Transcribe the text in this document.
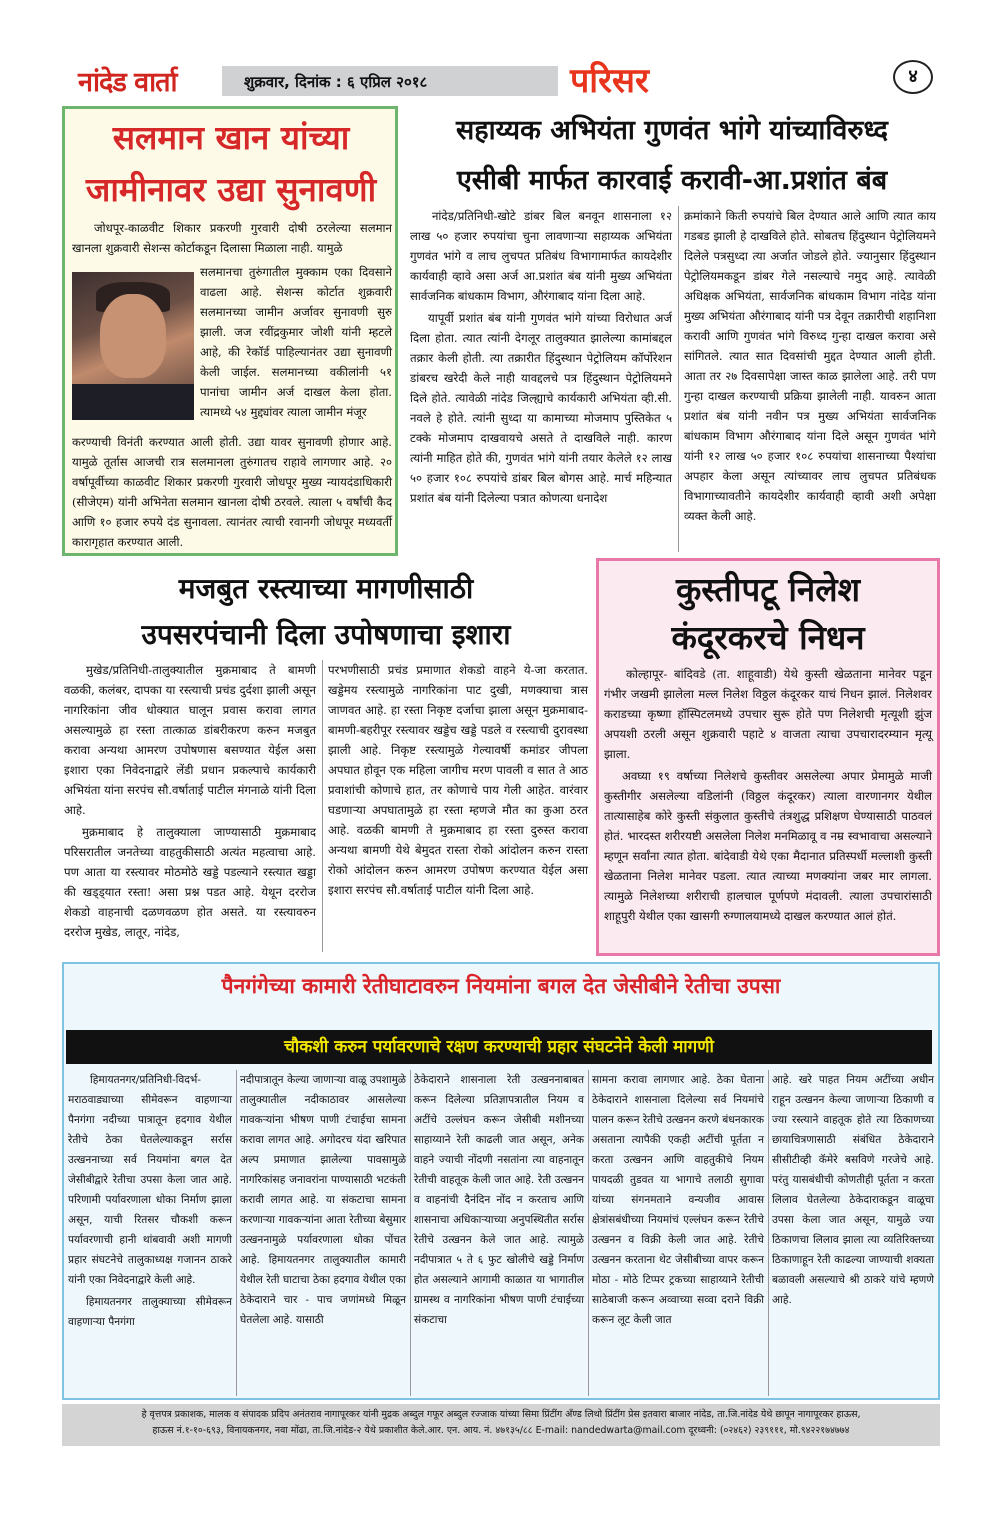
नांदेड वार्ता	शुक्रवार, दिनांक : ६ एप्रिल २०१८	परिसर	४
सलमान खान यांच्या
जामीनावर उद्या सुनावणी

जोधपूर-काळवीट शिकार प्रकरणी गुरवारी दोषी ठरलेल्या सलमान खानला शुक्रवारी सेशन्स कोर्टाकडून दिलासा मिळाला नाही. यामुळे

सलमानचा तुरुंगातील मुक्काम एका दिवसाने वाढला आहे. सेशन्स कोर्टात शुक्रवारी सलमानच्या जामीन अर्जावर सुनावणी सुरु झाली. जज रवींद्रकुमार जोशी यांनी म्हटले आहे, की रेकॉर्ड पाहिल्यानंतर उद्या सुनावणी केली जाईल. सलमानच्या वकीलांनी ५१ पानांचा जामीन अर्ज दाखल केला होता. त्यामध्ये ५४ मुद्द्यांवर त्याला जामीन मंजूर

करण्याची विनंती करण्यात आली होती. उद्या यावर सुनावणी होणार आहे. यामुळे तूर्तास आजची रात्र सलमानला तुरुंगातच राहावे लागणार आहे. २० वर्षापूर्वीच्या काळवीट शिकार प्रकरणी गुरवारी जोधपूर मुख्य न्यायदंडाधिकारी (सीजेएम) यांनी अभिनेता सलमान खानला दोषी ठरवले. त्याला ५ वर्षांची कैद आणि १० हजार रुपये दंड सुनावला. त्यानंतर त्याची रवानगी जोधपूर मध्यवर्ती कारागृहात करण्यात आली.

सहाय्यक अभियंता गुणवंत भांगे यांच्याविरुध्द
एसीबी मार्फत कारवाई करावी-आ.प्रशांत बंब

नांदेड/प्रतिनिधी-खोटे डांबर बिल बनवून शासनाला १२ लाख ५० हजार रुपयांचा चुना लावणाऱ्या सहाय्यक अभियंता गुणवंत भांगे व लाच लुचपत प्रतिबंध विभागामार्फत कायदेशीर कार्यवाही व्हावे असा अर्ज आ.प्रशांत बंब यांनी मुख्य अभियंता सार्वजनिक बांधकाम विभाग, औरंगाबाद यांना दिला आहे.

यापूर्वी प्रशांत बंब यांनी गुणवंत भांगे यांच्या विरोधात अर्ज दिला होता. त्यात त्यांनी देगलूर तालुक्यात झालेल्या कामांबद्दल तक्रार केली होती. त्या तक्रारीत हिंदुस्थान पेट्रोलियम कॉर्पोरेशन डांबरच खरेदी केले नाही यावद्दलचे पत्र हिंदुस्थान पेट्रोलियमने दिले होते. त्यावेळी नांदेड जिल्ह्याचे कार्यकारी अभियंता व्ही.सी. नवले हे होते. त्यांनी सुध्दा या कामाच्या मोजमाप पुस्तिकेत ५ टक्के मोजमाप दाखवायचे असते ते दाखविले नाही. कारण त्यांनी माहित होते की, गुणवंत भांगे यांनी तयार केलेले १२ लाख ५० हजार १०८ रुपयांचे डांबर बिल बोगस आहे. मार्च महिन्यात प्रशांत बंब यांनी दिलेल्या पत्रात कोणत्या धनादेश

क्रमांकाने किती रुपयांचे बिल देण्यात आले आणि त्यात काय गडबड झाली हे दाखविले होते. सोबतच हिंदुस्थान पेट्रोलियमने दिलेले पत्रसुध्दा त्या अर्जात जोडले होते. ज्यानुसार हिंदुस्थान पेट्रोलियमकडून डांबर गेले नसल्याचे नमुद आहे. त्यावेळी अधिक्षक अभियंता, सार्वजनिक बांधकाम विभाग नांदेड यांना मुख्य अभियंता औरंगाबाद यांनी पत्र देवून तक्रारीची शहानिशा करावी आणि गुणवंत भांगे विरुध्द गुन्हा दाखल करावा असे सांगितले. त्यात सात दिवसांची मुद्दत देण्यात आली होती. आता तर २७ दिवसापेक्षा जास्त काळ झालेला आहे. तरी पण गुन्हा दाखल करण्याची प्रक्रिया झालेली नाही. यावरुन आता प्रशांत बंब यांनी नवीन पत्र मुख्य अभियंता सार्वजनिक बांधकाम विभाग औरंगाबाद यांना दिले असून गुणवंत भांगे यांनी १२ लाख ५० हजार १०८ रुपयांचा शासनाच्या पैश्यांचा अपहार केला असून त्यांच्यावर लाच लुचपत प्रतिबंधक विभागाच्यावतीने कायदेशीर कार्यवाही व्हावी अशी अपेक्षा व्यक्त केली आहे.

मजबुत रस्त्याच्या मागणीसाठी
उपसरपंचानी दिला उपोषणाचा इशारा

मुखेड/प्रतिनिधी-तालुक्यातील मुक्रमाबाद ते बामणी वळकी, कलंबर, दापका या रस्त्याची प्रचंड दुर्दशा झाली असून नागरिकांना जीव धोक्यात घालून प्रवास करावा लागत असल्यामुळे हा रस्ता तात्काळ डांबरीकरण करुन मजबुत करावा अन्यथा आमरण उपोषणास बसण्यात येईल असा इशारा एका निवेदनाद्वारे लेंडी प्रधान प्रकल्पाचे कार्यकारी अभियंता यांना सरपंच सौ.वर्षाताई पाटील मंगनाळे यांनी दिला आहे.

मुक्रमाबाद हे तालुक्याला जाण्यासाठी मुक्रमाबाद परिसरातील जनतेच्या वाहतुकीसाठी अत्यंत महत्वाचा आहे. पण आता या रस्त्यावर मोठमोठे खड्डे पडल्याने रस्त्यात खड्डा की खड्ड्यात रस्ता! असा प्रश्न पडत आहे. येथून दररोज शेकडो वाहनाची दळणवळण होत असते. या रस्त्यावरुन दररोज मुखेड, लातूर, नांदेड,

परभणीसाठी प्रचंड प्रमाणात शेकडो वाहने ये-जा करतात. खड्डेमय रस्त्यामुळे नागरिकांना पाट दुखी, मणक्याचा त्रास जाणवत आहे. हा रस्ता निकृष्ट दर्जाचा झाला असून मुक्रमाबाद-बामणी-बहरीपूर रस्त्यावर खड्डेच खड्डे पडले व रस्त्याची दुरावस्था झाली आहे. निकृष्ट रस्त्यामुळे गेल्यावर्षी कमांडर जीपला अपघात होवून एक महिला जागीच मरण पावली व सात ते आठ प्रवाशांची कोणाचे हात, तर कोणाचे पाय गेली आहेत. वारंवार घडणाऱ्या अपघातामुळे हा रस्ता म्हणजे मौत का कुआ ठरत आहे. वळकी बामणी ते मुक्रमाबाद हा रस्ता दुरुस्त करावा अन्यथा बामणी येथे बेमुदत रास्ता रोको आंदोलन करुन रास्ता रोको आंदोलन करुन आमरण उपोषण करण्यात येईल असा इशारा सरपंच सौ.वर्षाताई पाटील यांनी दिला आहे.

कुस्तीपटू निलेश
कंदूरकरचे निधन

कोल्हापूर- बांदिवडे (ता. शाहूवाडी) येथे कुस्ती खेळताना मानेवर पडून गंभीर जखमी झालेला मल्ल निलेश विठ्ठल कंदूरकर याचं निधन झालं. निलेशवर कराडच्या कृष्णा हॉस्पिटलमध्ये उपचार सुरू होते पण निलेशची मृत्यूशी झुंज अपयशी ठरली असून शुक्रवारी पहाटे ४ वाजता त्याचा उपचारादरम्यान मृत्यू झाला.

अवघ्या १९ वर्षाच्या निलेशचे कुस्तीवर असलेल्या अपार प्रेमामुळे माजी कुस्तीगीर असलेल्या वडिलांनी (विठ्ठल कंदूरकर) त्याला वारणानगर येथील तात्यासाहेब कोरे कुस्ती संकुलात कुस्तीचे तंत्रशुद्ध प्रशिक्षण घेण्यासाठी पाठवलं होतं. भारदस्त शरीरयष्टी असलेला निलेश मनमिळावू व नम्र स्वभावाचा असल्याने म्हणून सर्वांना त्यात होता. बांदेवाडी येथे एका मैदानात प्रतिस्पर्धी मल्लाशी कुस्ती खेळताना निलेश मानेवर पडला. त्यात त्याच्या मणक्यांना जबर मार लागला. त्यामुळे निलेशच्या शरीराची हालचाल पूर्णपणे मंदावली. त्याला उपचारांसाठी शाहूपुरी येथील एका खासगी रुग्णालयामध्ये दाखल करण्यात आलं होतं.

पैनगंगेच्या कामारी रेतीघाटावरुन नियमांना बगल देत जेसीबीने रेतीचा उपसा
चौकशी करुन पर्यावरणाचे रक्षण करण्याची प्रहार संघटनेने केली मागणी

हिमायतनगर/प्रतिनिधी-विदर्भ-मराठवाड्याच्या सीमेवरून वाहणाऱ्या पैनगंगा नदीच्या पात्रातून हदगाव येथील रेतीचे ठेका घेतलेल्याकडून सर्रास उत्खननाच्या सर्व नियमांना बगल देत जेसीबीद्वारे रेतीचा उपसा केला जात आहे. परिणामी पर्यावरणाला धोका निर्माण झाला असून, याची रितसर चौकशी करून पर्यावरणाची हानी थांबवावी अशी मागणी प्रहार संघटनेचे तालुकाध्यक्ष गजानन ठाकरे यांनी एका निवेदनाद्वारे केली आहे.

हिमायतनगर तालुक्याच्या सीमेवरून वाहणाऱ्या पैनगंगा

नदीपात्रातून केल्या जाणाऱ्या वाळू उपशामुळे तालुक्यातील नदीकाठावर आसलेल्या गावकऱ्यांना भीषण पाणी टंचाईचा सामना करावा लागत आहे. अगोदरच यंदा खरिपात अल्प प्रमाणात झालेल्या पावसामुळे नागरिकांसह जनावरांना पाण्यासाठी भटकंती करावी लागत आहे. या संकटाचा सामना करणाऱ्या गावकऱ्यांना आता रेतीच्या बेसुमार उत्खननामुळे पर्यावरणाला धोका पोंचत आहे. हिमायतनगर तालुक्यातील कामारी येथील रेती घाटाचा ठेका हदगाव येथील एका ठेकेदाराने चार - पाच जणांमध्ये मिळून घेतलेला आहे. यासाठी

ठेकेदाराने शासनाला रेती उत्खननाबाबत करून दिलेल्या प्रतिज्ञापत्रातील नियम व अटींचे उल्लंघन करून जेसीबी मशीनच्या साहाय्याने रेती काढली जात असून, अनेक वाहने ज्याची नोंदणी नसतांना त्या वाहनातून रेतीची वाहतूक केली जात आहे. रेती उत्खनन व वाहनांची दैनंदिन नोंद न करताच आणि शासनाचा अधिकाऱ्याच्या अनुपस्थितीत सर्रास रेतीचे उत्खनन केले जात आहे. त्यामुळे नदीपात्रात ५ ते ६ फुट खोलीचे खड्डे निर्माण होत असल्याने आगामी काळात या भागातील ग्रामस्थ व नागरिकांना भीषण पाणी टंचाईच्या संकटाचा

सामना करावा लागणार आहे. ठेका घेताना ठेकेदाराने शासनाला दिलेल्या सर्व नियमांचे पालन करून रेतीचे उत्खनन करणे बंधनकारक असताना त्यापैकी एकही अटींची पूर्तता न करता उत्खनन आणि वाहतुकीचे नियम पायदळी तुडवत या भागाचे तलाठी सुगावा यांच्या संगनमताने वन्यजीव आवास क्षेत्रांसबंधीच्या नियमांचं एल्लंघन करून रेतीचे उत्खनन व विक्री केली जात आहे. रेतीचे उत्खनन करताना थेट जेसीबीच्या वापर करून मोठा - मोठे टिप्पर ट्रकच्या साहाय्याने रेतीची साठेबाजी करून अव्वाच्या सव्वा दराने विक्री करून लूट केली जात

आहे. खरे पाहत नियम अटींच्या अधीन राहून उत्खनन केल्या जाणाऱ्या ठिकाणी व ज्या रस्त्याने वाहतूक होते त्या ठिकाणच्या छायाचित्रणासाठी संबंधित ठेकेदाराने सीसीटीव्ही कॅमेरे बसविणे गरजेचे आहे. परंतु यासबंधीची कोणतीही पूर्तता न करता लिलाव घेतलेल्या ठेकेदाराकडून वाळूचा उपसा केला जात असून, यामुळे ज्या ठिकाणचा लिलाव झाला त्या व्यतिरिक्तच्या ठिकाणाहून रेती काढल्या जाण्याची शक्यता बळावली असल्याचे श्री ठाकरे यांचे म्हणणे आहे.

हे वृत्तपत्र प्रकाशक, मालक व संपादक प्रदिप अनंतराव नागापूरकर यांनी मुद्रक अब्दुल गफूर अब्दुल रज्जाक यांच्या सिमा प्रिंटींग अँण्ड लिथो प्रिंटींग प्रेस इतवारा बाजार नांदेड, ता.जि.नांदेड येथे छापून नागापूरकर हाऊस,
हाऊस नं.१-१०-६९३, विनायकनगर, नवा मोंढा, ता.जि.नांदेड-२ येथे प्रकाशीत केले.आर. एन. आय. नं. ४७१३५/८८ E-mail: nandedwarta@mail.com दूरध्वनी: (०२४६२) २३९१११, मो.९४२२१७४७७४
